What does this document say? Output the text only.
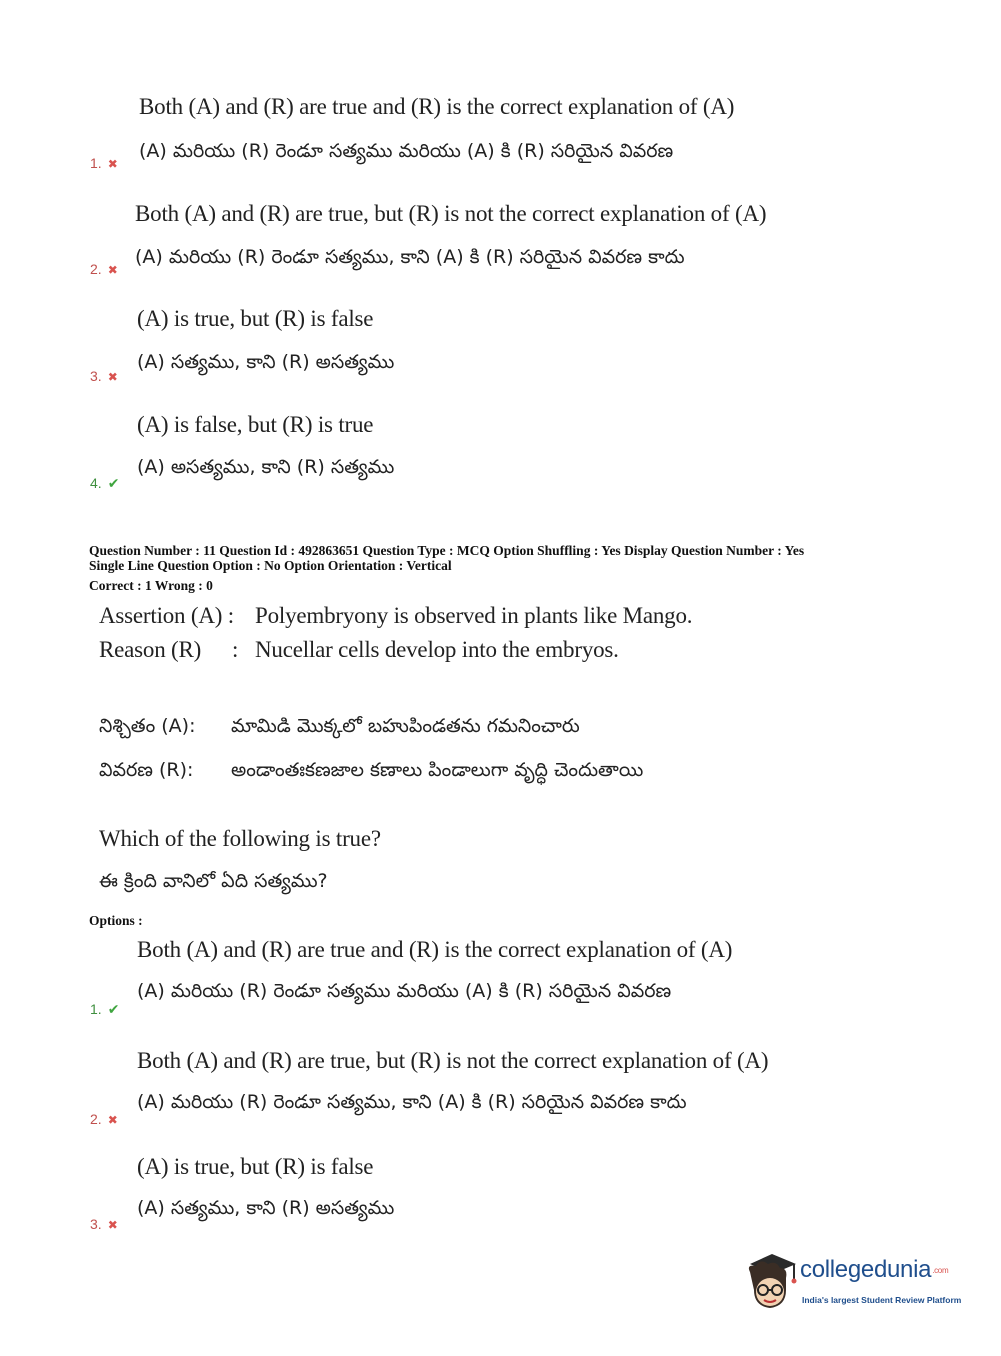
Both (A) and (R) are true and (R) is the correct explanation of (A)
(A) మరియు (R) రెండూ సత్యము మరియు (A) కి (R) సరియైన వివరణ
1. ✖
Both (A) and (R) are true, but (R) is not the correct explanation of (A)
(A) మరియు (R) రెండూ సత్యము, కాని (A) కి (R) సరియైన వివరణ కాదు
2. ✖
(A) is true, but (R) is false
(A) సత్యము, కాని (R) అసత్యము
3. ✖
(A) is false, but (R) is true
(A) అసత్యము, కాని (R) సత్యము
4. ✔
Question Number : 11 Question Id : 492863651 Question Type : MCQ Option Shuffling : Yes Display Question Number : Yes
Single Line Question Option : No Option Orientation : Vertical
Correct : 1 Wrong : 0
Assertion (A) : Polyembryony is observed in plants like Mango.
Reason (R) : Nucellar cells develop into the embryos.
నిశ్చితం (A): మామిడి మొక్కలో బహుపిండతను గమనించారు
వివరణ (R): అండాంతఃకణజాల కణాలు పిండాలుగా వృద్ధి చెందుతాయి
Which of the following is true?
ఈ క్రింది వానిలో ఏది సత్యము?
Options :
Both (A) and (R) are true and (R) is the correct explanation of (A)
(A) మరియు (R) రెండూ సత్యము మరియు (A) కి (R) సరియైన వివరణ
1. ✔
Both (A) and (R) are true, but (R) is not the correct explanation of (A)
(A) మరియు (R) రెండూ సత్యము, కాని (A) కి (R) సరియైన వివరణ కాదు
2. ✖
(A) is true, but (R) is false
(A) సత్యము, కాని (R) అసత్యము
3. ✖
collegedunia.com
India's largest Student Review Platform
